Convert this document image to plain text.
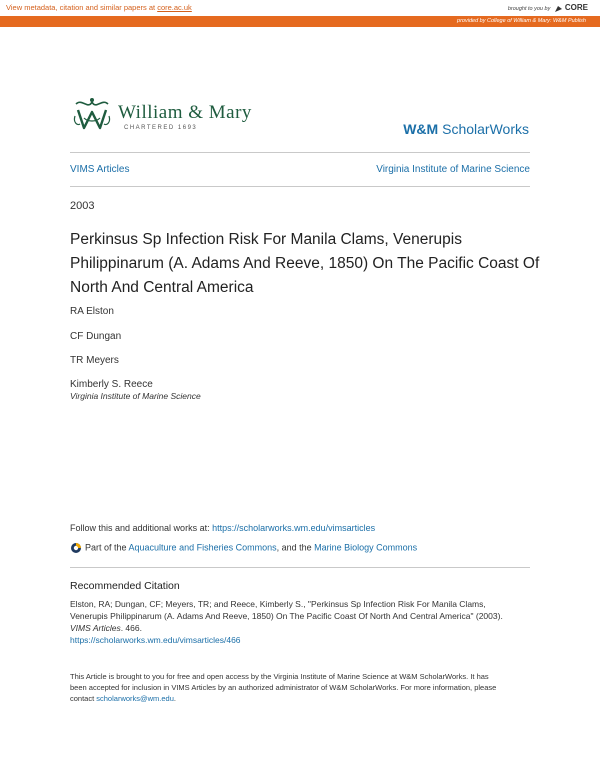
View metadata, citation and similar papers at core.ac.uk	brought to you by CORE
provided by College of William & Mary: W&M Publish
William & Mary
CHARTERED 1693	W&M ScholarWorks
VIMS Articles	Virginia Institute of Marine Science
2003
Perkinsus Sp Infection Risk For Manila Clams, Venerupis Philippinarum (A. Adams And Reeve, 1850) On The Pacific Coast Of North And Central America
RA Elston
CF Dungan
TR Meyers
Kimberly S. Reece
Virginia Institute of Marine Science
Follow this and additional works at: https://scholarworks.wm.edu/vimsarticles
Part of the Aquaculture and Fisheries Commons, and the Marine Biology Commons
Recommended Citation
Elston, RA; Dungan, CF; Meyers, TR; and Reece, Kimberly S., "Perkinsus Sp Infection Risk For Manila Clams, Venerupis Philippinarum (A. Adams And Reeve, 1850) On The Pacific Coast Of North And Central America" (2003). VIMS Articles. 466.
https://scholarworks.wm.edu/vimsarticles/466
This Article is brought to you for free and open access by the Virginia Institute of Marine Science at W&M ScholarWorks. It has been accepted for inclusion in VIMS Articles by an authorized administrator of W&M ScholarWorks. For more information, please contact scholarworks@wm.edu.
